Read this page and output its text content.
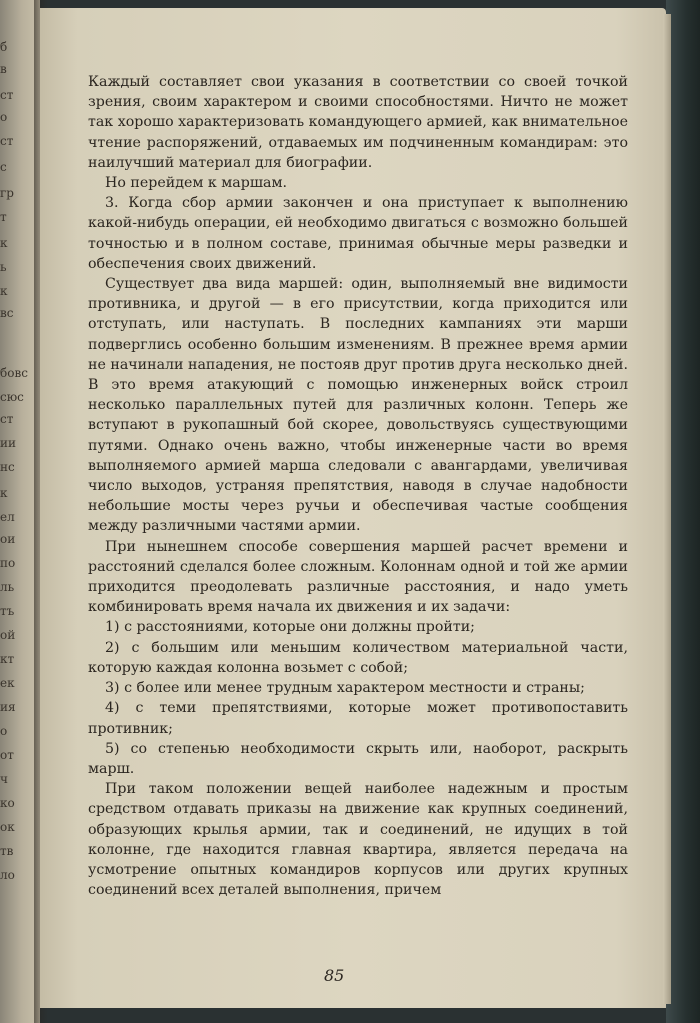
б
в
ст
о
ст
с
гр
т
к
ь
к
вс
бовс
сюс
ст
ии
нс
к
ел
ои
по
ль
тъ
ой
кт
ек
ия
о
от
ч
ко
ок
тв
ло

Каждый составляет свои указания в соответствии со своей точкой зрения, своим характером и своими способностями. Ничто не может так хорошо характеризовать командующего армией, как внимательное чтение распоряжений, отдаваемых им подчиненным командирам: это наилучший материал для биографии.

Но перейдем к маршам.

3. Когда сбор армии закончен и она приступает к выполнению какой-нибудь операции, ей необходимо двигаться с возможно большей точностью и в полном составе, принимая обычные меры разведки и обеспечения своих движений.

Существует два вида маршей: один, выполняемый вне видимости противника, и другой — в его присутствии, когда приходится или отступать, или наступать. В последних кампаниях эти марши подверглись особенно большим изменениям. В прежнее время армии не начинали нападения, не постояв друг против друга несколько дней. В это время атакующий с помощью инженерных войск строил несколько параллельных путей для различных колонн. Теперь же вступают в рукопашный бой скорее, довольствуясь существующими путями. Однако очень важно, чтобы инженерные части во время выполняемого армией марша следовали с авангардами, увеличивая число выходов, устраняя препятствия, наводя в случае надобности небольшие мосты через ручьи и обеспечивая частые сообщения между различными частями армии.

При нынешнем способе совершения маршей расчет времени и расстояний сделался более сложным. Колоннам одной и той же армии приходится преодолевать различные расстояния, и надо уметь комбинировать время начала их движения и их задачи:

1) с расстояниями, которые они должны пройти;

2) с большим или меньшим количеством материальной части, которую каждая колонна возьмет с собой;

3) с более или менее трудным характером местности и страны;

4) с теми препятствиями, которые может противопоставить противник;

5) со степенью необходимости скрыть или, наоборот, раскрыть марш.

При таком положении вещей наиболее надежным и простым средством отдавать приказы на движение как крупных соединений, образующих крылья армии, так и соединений, не идущих в той колонне, где находится главная квартира, является передача на усмотрение опытных командиров корпусов или других крупных соединений всех деталей выполнения, причем

85
